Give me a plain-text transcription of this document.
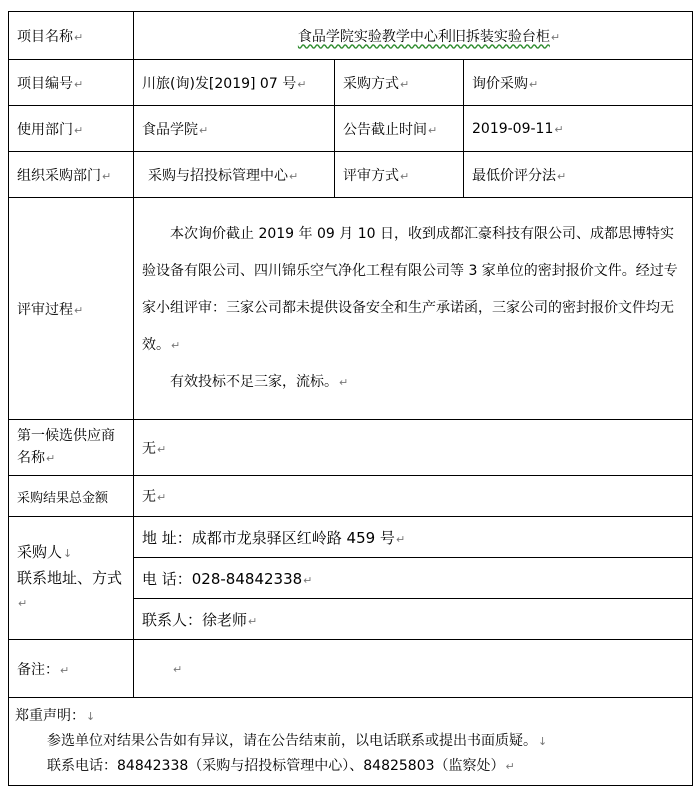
项目名称↵	食品学院实验教学中心利旧拆装实验台柜↵		
项目编号↵	川旅(询)发[2019] 07 号↵	采购方式↵	询价采购↵
使用部门↵	食品学院↵	公告截止时间↵	2019-09-11↵
组织采购部门↵	采购与招投标管理中心↵	评审方式↵	最低价评分法↵
评审过程↵	本次询价截止 2019 年 09 月 10 日，收到成都汇豪科技有限公司、成都思博特实验设备有限公司、四川锦乐空气净化工程有限公司等 3 家单位的密封报价文件。经过专家小组评审：三家公司都未提供设备安全和生产承诺函，三家公司的密封报价文件均无效。↵

有效投标不足三家，流标。↵		

第一候选供应商名称↵	无↵		
采购结果总金额	无↵		

采购人↓
联系地址、方式↵	地 址：成都市龙泉驿区红岭路 459 号↵		
	电 话：028-84842338↵		
	联系人：徐老师↵		
备注：↵	↵		

郑重声明：↓
参选单位对结果公告如有异议，请在公告结束前，以电话联系或提出书面质疑。↓
联系电话：84842338（采购与招投标管理中心）、84825803（监察处）↵			
